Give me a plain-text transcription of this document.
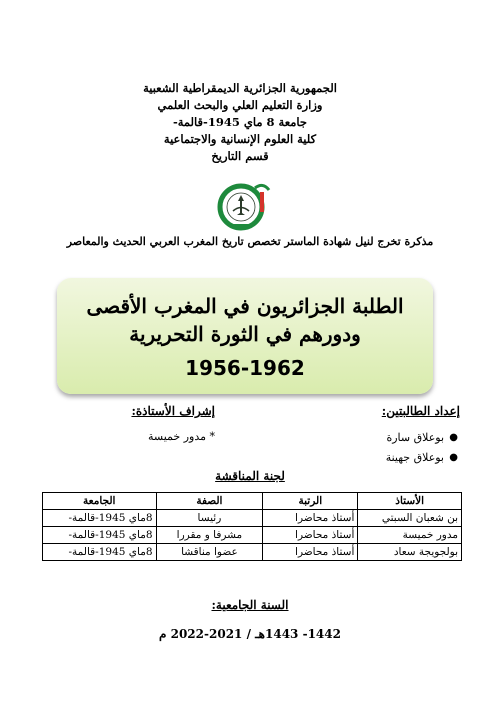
الجمهورية الجزائرية الديمقراطية الشعبية
وزارة التعليم العلي والبحث العلمي
جامعة 8 ماي 1945-قالمة-
كلية العلوم الإنسانية والاجتماعية
قسم التاريخ
مذكرة تخرج لنيل شهادة الماستر تخصص تاريخ المغرب العربي الحديث والمعاصر
الطلبة الجزائريون في المغرب الأقصى
ودورهم في الثورة التحريرية
1956-1962
إعداد الطالبتين:
●
بوعلاق سارة
●
بوعلاق جهينة
إشراف الأستاذة:
* مدور خميسة
لجنة المناقشة
الأستاذ	الرتبة	الصفة	الجامعة
بن شعبان السبتي	أستاذ محاضرا	رئيسا	8ماي 1945-قالمة-
مدور خميسة	أستاذ محاضرا	مشرفا و مقررا	8ماي 1945-قالمة-
بولجويجة سعاد	أستاذ محاضرا	عضوا مناقشا	8ماي 1945-قالمة-
السنة الجامعية:
1442- 1443هـ / 2021-2022 م
